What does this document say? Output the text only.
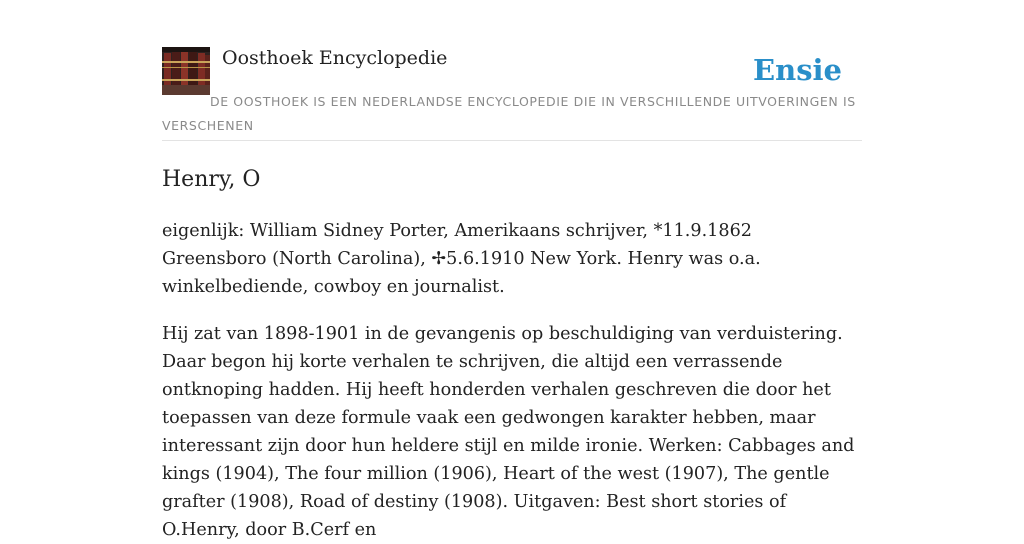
Oosthoek Encyclopedie	Ensie
DE OOSTHOEK IS EEN NEDERLANDSE ENCYCLOPEDIE DIE IN VERSCHILLENDE UITVOERINGEN IS VERSCHENEN
Henry, O

eigenlijk: William Sidney Porter, Amerikaans schrijver, *11.9.1862 Greensboro (North Carolina), ✢5.6.1910 New York. Henry was o.a. winkelbediende, cowboy en journalist.

Hij zat van 1898-1901 in de gevangenis op beschuldiging van verduistering. Daar begon hij korte verhalen te schrijven, die altijd een verrassende ontknoping hadden. Hij heeft honderden verhalen geschreven die door het toepassen van deze formule vaak een gedwongen karakter hebben, maar interessant zijn door hun heldere stijl en milde ironie. Werken: Cabbages and kings (1904), The four million (1906), Heart of the west (1907), The gentle grafter (1908), Road of destiny (1908). Uitgaven: Best short stories of O.Henry, door B.Cerf en
